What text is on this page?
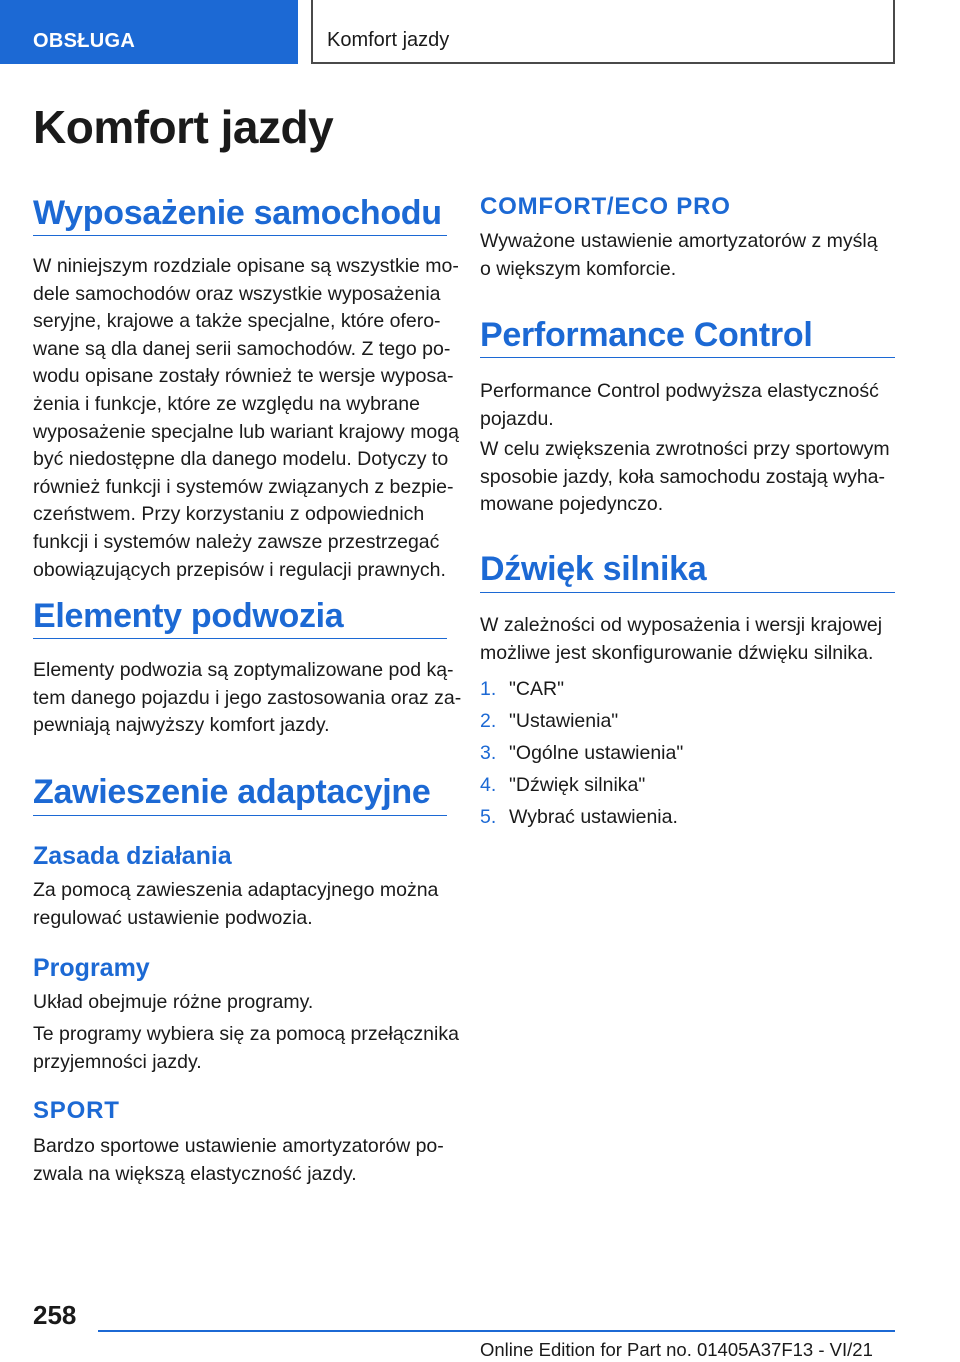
OBSŁUGA	Komfort jazdy
Komfort jazdy
Wyposażenie samochodu
W niniejszym rozdziale opisane są wszystkie mo‐
dele samochodów oraz wszystkie wyposażenia
seryjne, krajowe a także specjalne, które ofero‐
wane są dla danej serii samochodów. Z tego po‐
wodu opisane zostały również te wersje wyposa‐
żenia i funkcje, które ze względu na wybrane
wyposażenie specjalne lub wariant krajowy mogą
być niedostępne dla danego modelu. Dotyczy to
również funkcji i systemów związanych z bezpie‐
czeństwem. Przy korzystaniu z odpowiednich
funkcji i systemów należy zawsze przestrzegać
obowiązujących przepisów i regulacji prawnych.
Elementy podwozia
Elementy podwozia są zoptymalizowane pod ką‐
tem danego pojazdu i jego zastosowania oraz za‐
pewniają najwyższy komfort jazdy.
Zawieszenie adaptacyjne
Zasada działania
Za pomocą zawieszenia adaptacyjnego można
regulować ustawienie podwozia.
Programy
Układ obejmuje różne programy.
Te programy wybiera się za pomocą przełącznika
przyjemności jazdy.
SPORT
Bardzo sportowe ustawienie amortyzatorów po‐
zwala na większą elastyczność jazdy.
COMFORT/ECO PRO
Wyważone ustawienie amortyzatorów z myślą
o większym komforcie.
Performance Control
Performance Control podwyższa elastyczność
pojazdu.
W celu zwiększenia zwrotności przy sportowym
sposobie jazdy, koła samochodu zostają wyha‐
mowane pojedynczo.
Dźwięk silnika
W zależności od wyposażenia i wersji krajowej
możliwe jest skonfigurowanie dźwięku silnika.
1. "CAR"
2. "Ustawienia"
3. "Ogólne ustawienia"
4. "Dźwięk silnika"
5. Wybrać ustawienia.
258
Online Edition for Part no. 01405A37F13 - VI/21
